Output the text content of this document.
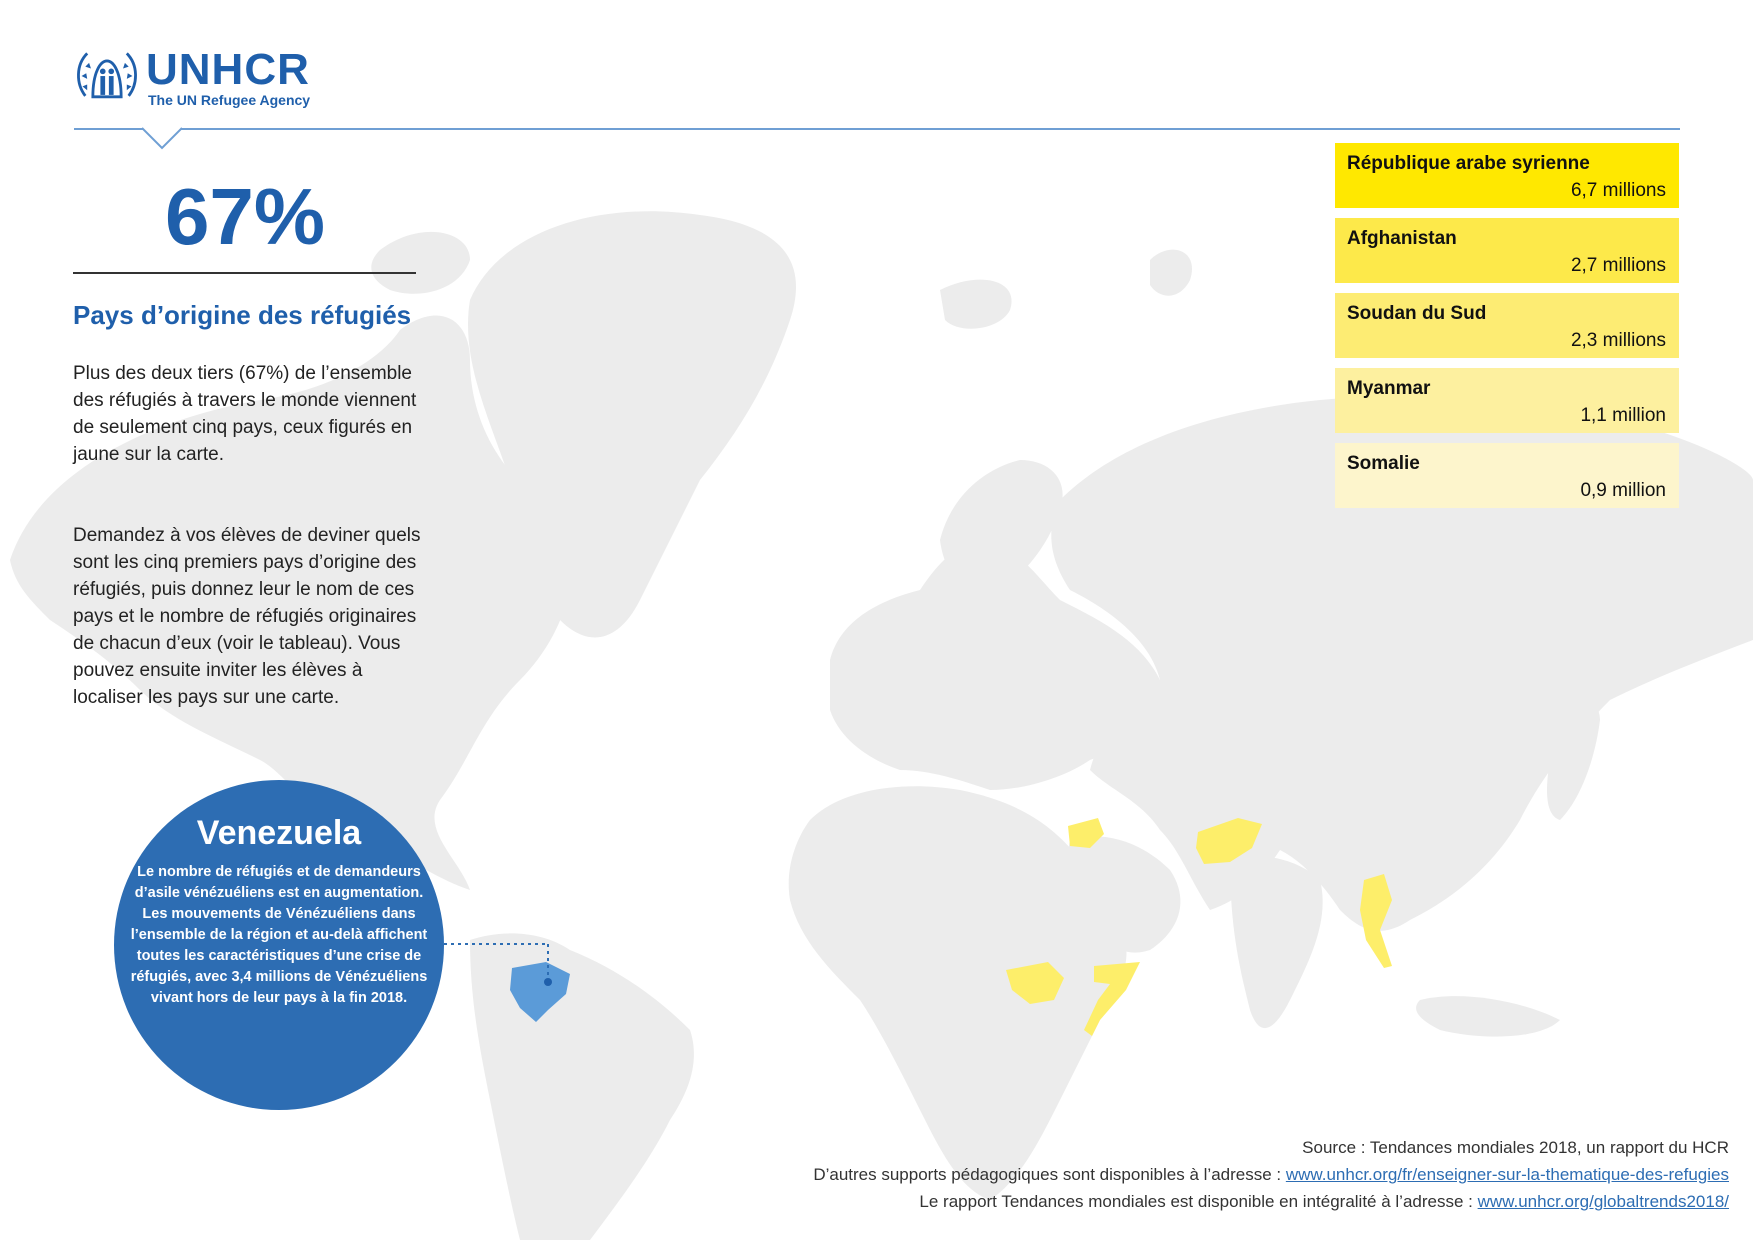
UNHCR
The UN Refugee Agency
67%
Pays d’origine des réfugiés

Plus des deux tiers (67%) de l’ensemble des réfugiés à travers le monde viennent de seulement cinq pays, ceux figurés en jaune sur la carte.

Demandez à vos élèves de deviner quels sont les cinq premiers pays d’origine des réfugiés, puis donnez leur le nom de ces pays et le nombre de réfugiés originaires de chacun d’eux (voir le tableau). Vous pouvez ensuite inviter les élèves à localiser les pays sur une carte.

Venezuela
Le nombre de réfugiés et de demandeurs d’asile vénézuéliens est en augmentation. Les mouvements de Vénézuéliens dans l’ensemble de la région et au-delà affichent toutes les caractéristiques d’une crise de réfugiés, avec 3,4 millions de Vénézuéliens vivant hors de leur pays à la fin 2018.
République arabe syrienne
6,7 millions
Afghanistan
2,7 millions
Soudan du Sud
2,3 millions
Myanmar
1,1 million
Somalie
0,9 million
Source : Tendances mondiales 2018, un rapport du HCR
D’autres supports pédagogiques sont disponibles à l’adresse : www.unhcr.org/fr/enseigner-sur-la-thematique-des-refugies
Le rapport Tendances mondiales est disponible en intégralité à l’adresse : www.unhcr.org/globaltrends2018/
